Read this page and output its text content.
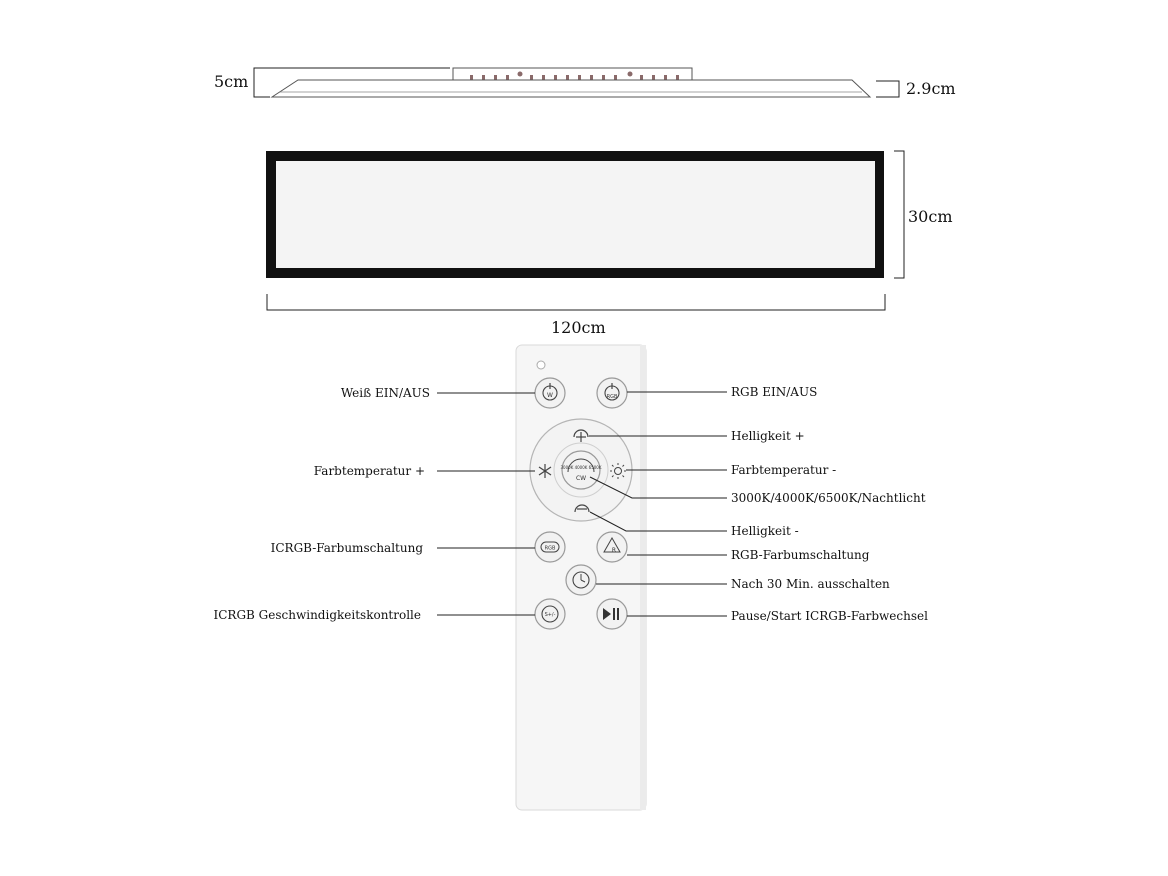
5cm	2.9cm
30cm
120cm
W	RGB
3000K 4000K 6500K
CW
RGB	R
S+/-
Weiß EIN/AUS
Farbtemperatur +
ICRGB-Farbumschaltung
ICRGB Geschwindigkeitskontrolle
RGB EIN/AUS
Helligkeit +
Farbtemperatur -
3000K/4000K/6500K/Nachtlicht
Helligkeit -
RGB-Farbumschaltung
Nach 30 Min. ausschalten
Pause/Start ICRGB-Farbwechsel
